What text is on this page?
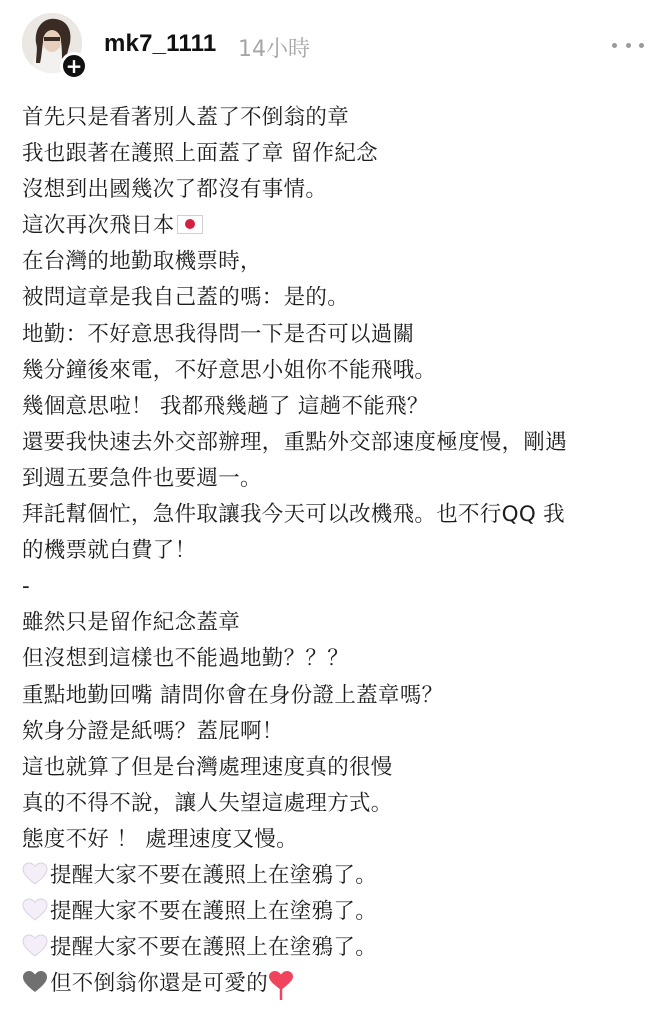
+
mk7_1111 14小時
首先只是看著別人蓋了不倒翁的章
我也跟著在護照上面蓋了章 留作紀念
沒想到出國幾次了都沒有事情。
這次再次飛日本
在台灣的地勤取機票時，
被問這章是我自己蓋的嗎：是的。
地勤：不好意思我得問一下是否可以過關
幾分鐘後來電，不好意思小姐你不能飛哦。
幾個意思啦！ 我都飛幾趟了 這趟不能飛？
還要我快速去外交部辦理，重點外交部速度極度慢，剛遇
到週五要急件也要週一。
拜託幫個忙，急件取讓我今天可以改機飛。也不行QQ 我
的機票就白費了！
-
雖然只是留作紀念蓋章
但沒想到這樣也不能過地勤？？？
重點地勤回嘴 請問你會在身份證上蓋章嗎？
欸身分證是紙嗎？蓋屁啊！
這也就算了但是台灣處理速度真的很慢
真的不得不說，讓人失望這處理方式。
態度不好 ！ 處理速度又慢。
提醒大家不要在護照上在塗鴉了。
提醒大家不要在護照上在塗鴉了。
提醒大家不要在護照上在塗鴉了。
但不倒翁你還是可愛的
